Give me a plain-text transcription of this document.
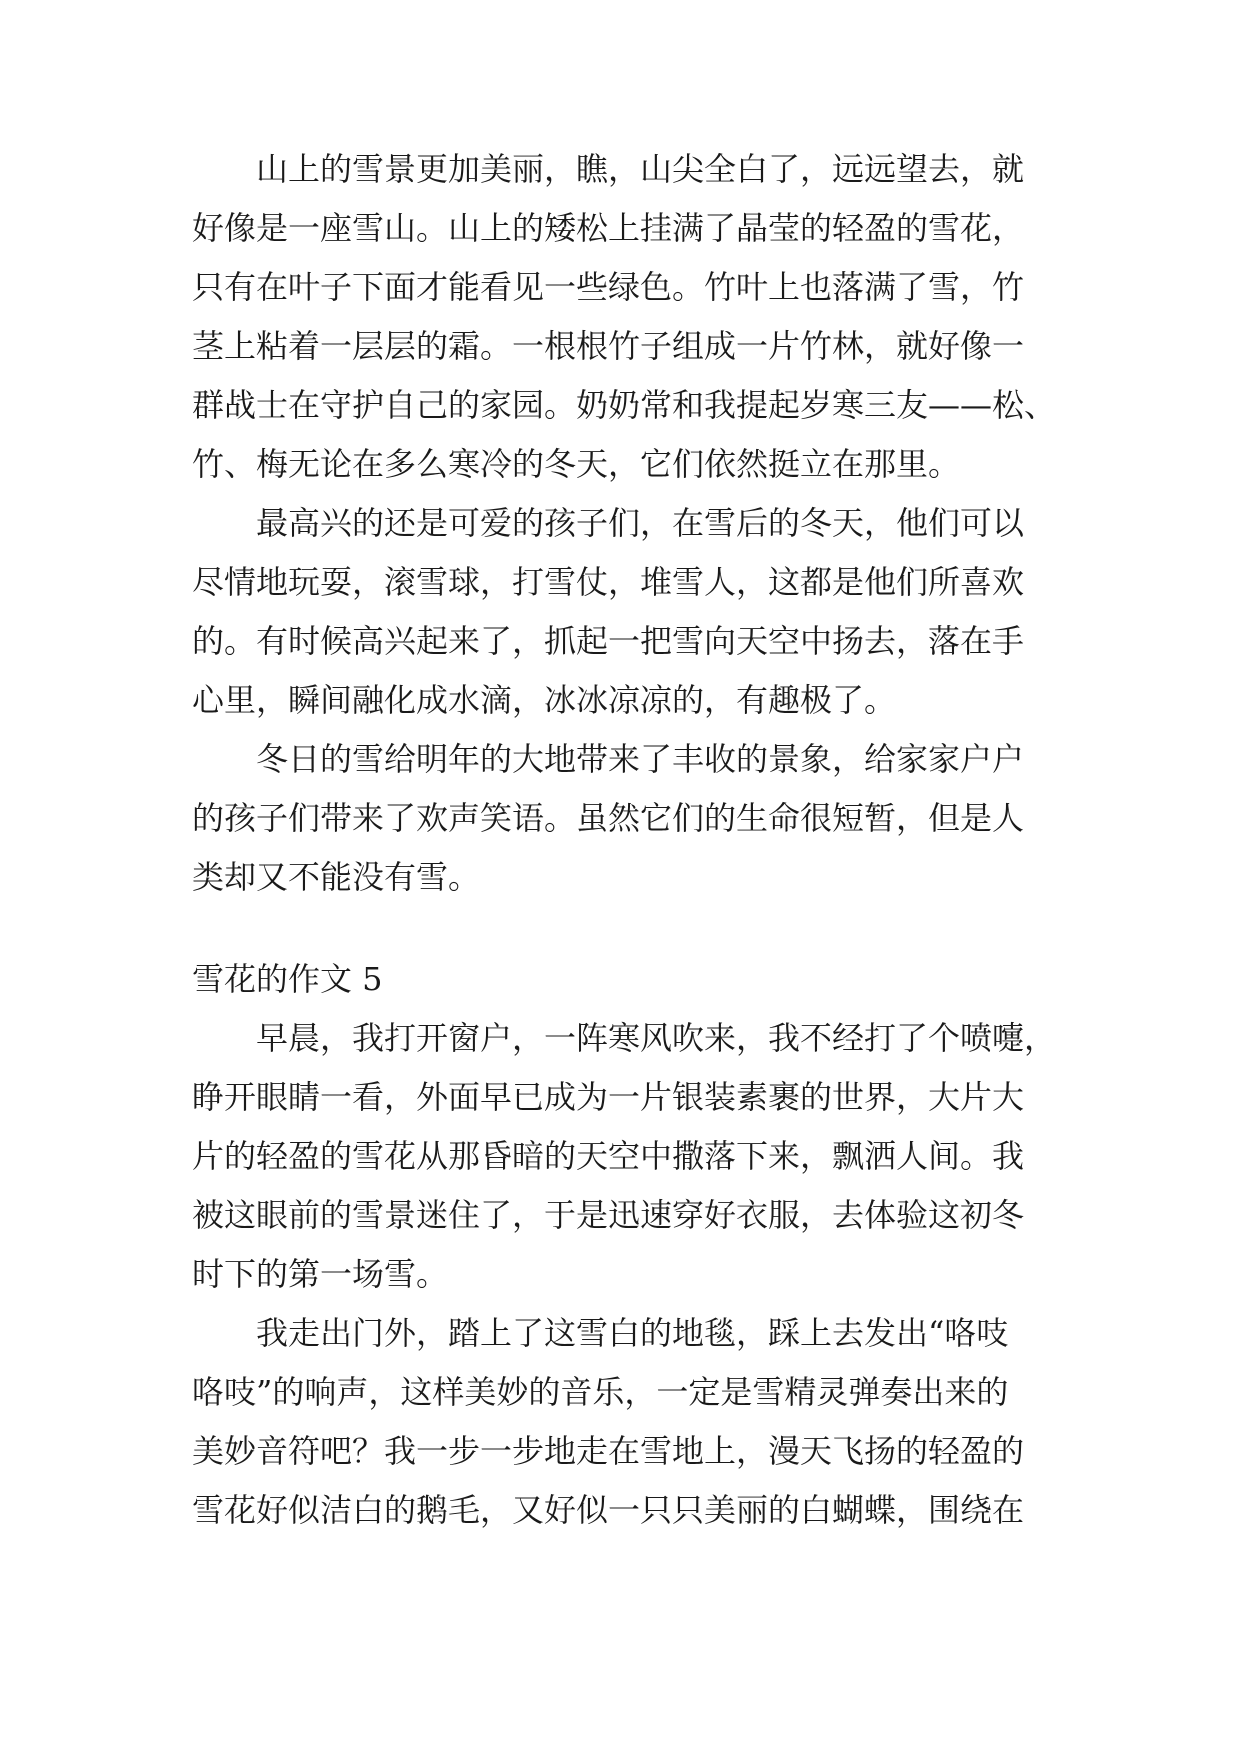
山上的雪景更加美丽，瞧，山尖全白了，远远望去，就
好像是一座雪山。山上的矮松上挂满了晶莹的轻盈的雪花，
只有在叶子下面才能看见一些绿色。竹叶上也落满了雪，竹
茎上粘着一层层的霜。一根根竹子组成一片竹林，就好像一
群战士在守护自己的家园。奶奶常和我提起岁寒三友——松、
竹、梅无论在多么寒冷的冬天，它们依然挺立在那里。
最高兴的还是可爱的孩子们，在雪后的冬天，他们可以
尽情地玩耍，滚雪球，打雪仗，堆雪人，这都是他们所喜欢
的。有时候高兴起来了，抓起一把雪向天空中扬去，落在手
心里，瞬间融化成水滴，冰冰凉凉的，有趣极了。
冬日的雪给明年的大地带来了丰收的景象，给家家户户
的孩子们带来了欢声笑语。虽然它们的生命很短暂，但是人
类却又不能没有雪。
雪花的作文 5
早晨，我打开窗户，一阵寒风吹来，我不经打了个喷嚏，
睁开眼睛一看，外面早已成为一片银装素裹的世界，大片大
片的轻盈的雪花从那昏暗的天空中撒落下来，飘洒人间。我
被这眼前的雪景迷住了，于是迅速穿好衣服，去体验这初冬
时下的第一场雪。
我走出门外，踏上了这雪白的地毯，踩上去发出“咯吱
咯吱”的响声，这样美妙的音乐，一定是雪精灵弹奏出来的
美妙音符吧？我一步一步地走在雪地上，漫天飞扬的轻盈的
雪花好似洁白的鹅毛，又好似一只只美丽的白蝴蝶，围绕在
